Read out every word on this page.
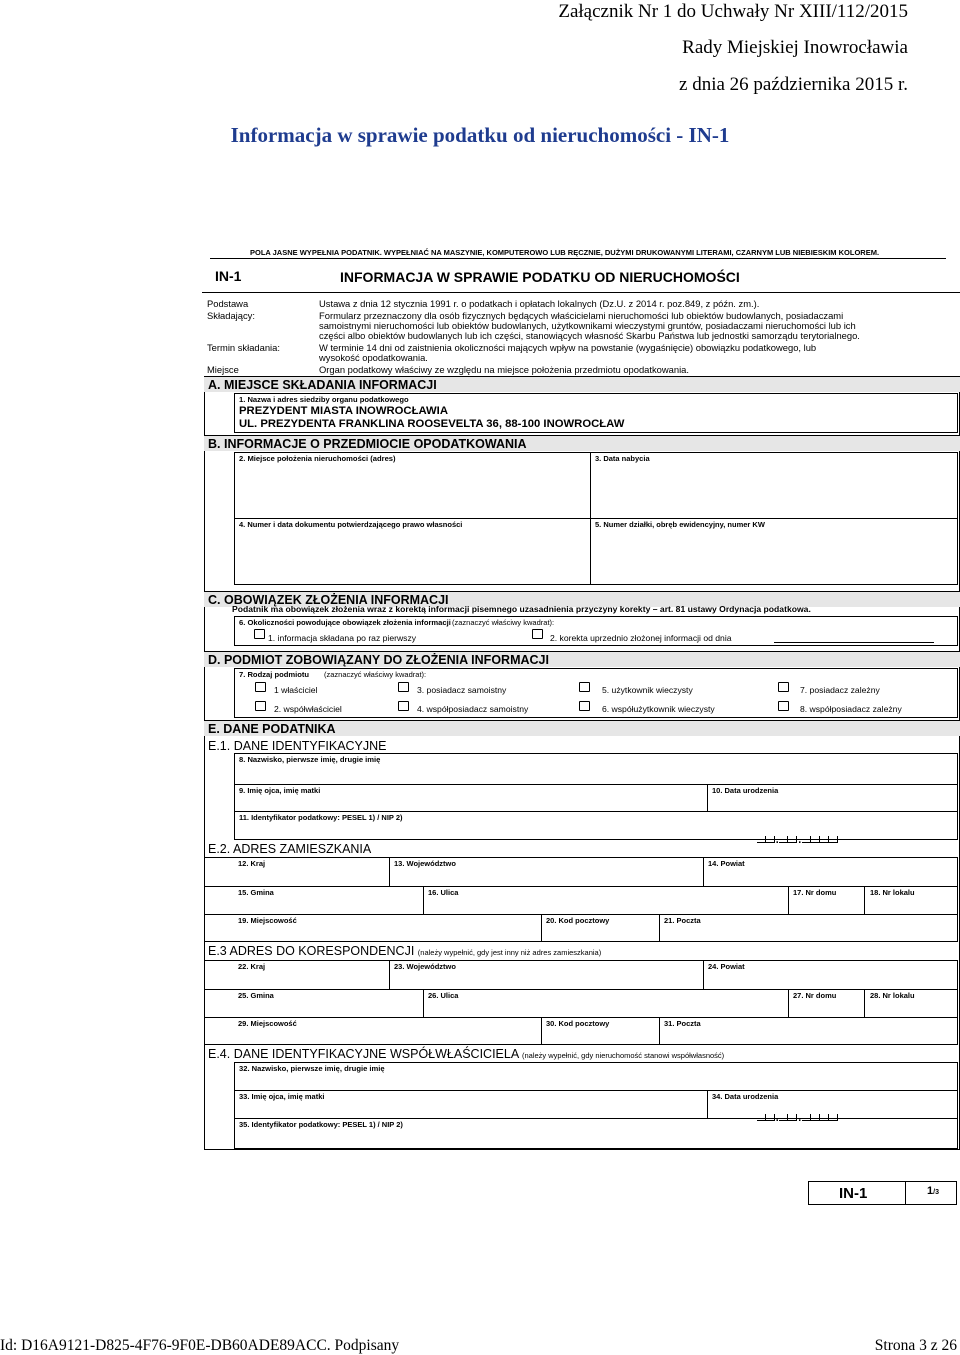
Załącznik Nr 1 do Uchwały Nr XIII/112/2015
Rady Miejskiej Inowrocławia
z dnia 26 października 2015 r.
Informacja w sprawie podatku od nieruchomości - IN-1
POLA JASNE WYPEŁNIA PODATNIK. WYPEŁNIAĆ NA MASZYNIE, KOMPUTEROWO LUB RĘCZNIE, DUŻYMI DRUKOWANYMI LITERAMI, CZARNYM LUB NIEBIESKIM KOLOREM.
IN-1	INFORMACJA W SPRAWIE PODATKU OD NIERUCHOMOŚCI
Podstawa	Ustawa z dnia 12 stycznia 1991 r. o podatkach i opłatach lokalnych (Dz.U. z 2014 r. poz.849, z późn. zm.).
Składający:	Formularz przeznaczony dla osób fizycznych będących właścicielami nieruchomości lub obiektów budowlanych, posiadaczami
samoistnymi nieruchomości lub obiektów budowlanych, użytkownikami wieczystymi gruntów, posiadaczami nieruchomości lub ich
części albo obiektów budowlanych lub ich części, stanowiących własność Skarbu Państwa lub jednostki samorządu terytorialnego.
Termin składania:	W terminie 14 dni od zaistnienia okoliczności mających wpływ na powstanie (wygaśnięcie) obowiązku podatkowego, lub
wysokość opodatkowania.
Miejsce	Organ podatkowy właściwy ze względu na miejsce położenia przedmiotu opodatkowania.
A. MIEJSCE SKŁADANIA INFORMACJI
1. Nazwa i adres siedziby organu podatkowego
PREZYDENT MIASTA INOWROCŁAWIA
UL. PREZYDENTA FRANKLINA ROOSEVELTA 36, 88-100 INOWROCŁAW
B. INFORMACJE O PRZEDMIOCIE OPODATKOWANIA
2. Miejsce położenia nieruchomości (adres)	3. Data nabycia
4. Numer i data dokumentu potwierdzającego prawo własności	5. Numer działki, obręb ewidencyjny, numer KW
C. OBOWIĄZEK ZŁOŻENIA INFORMACJI
Podatnik ma obowiązek złożenia wraz z korektą informacji pisemnego uzasadnienia przyczyny korekty – art. 81 ustawy Ordynacja podatkowa.
6. Okoliczności powodujące obowiązek złożenia informacji (zaznaczyć właściwy kwadrat):
1. informacja składana po raz pierwszy	2. korekta uprzednio złożonej informacji od dnia
D. PODMIOT ZOBOWIĄZANY DO ZŁOŻENIA INFORMACJI
7. Rodzaj podmiotu (zaznaczyć właściwy kwadrat):
1 właściciel	3. posiadacz samoistny	5. użytkownik wieczysty	7. posiadacz zależny
2. współwłaściciel	4. współposiadacz samoistny	6. współużytkownik wieczysty	8. współposiadacz zależny
E. DANE PODATNIKA
E.1. DANE IDENTYFIKACYJNE
8. Nazwisko, pierwsze imię, drugie imię
9. Imię ojca, imię matki	10. Data urodzenia
. .
11. Identyfikator podatkowy: PESEL 1) / NIP 2)
E.2. ADRES ZAMIESZKANIA
12. Kraj	13. Województwo	14. Powiat
15. Gmina	16. Ulica	17. Nr domu	18. Nr lokalu
19. Miejscowość	20. Kod pocztowy	21. Poczta
E.3 ADRES DO KORESPONDENCJI (należy wypełnić, gdy jest inny niż adres zamieszkania)
22. Kraj	23. Województwo	24. Powiat
25. Gmina	26. Ulica	27. Nr domu	28. Nr lokalu
29. Miejscowość	30. Kod pocztowy	31. Poczta
E.4. DANE IDENTYFIKACYJNE WSPÓŁWŁAŚCICIELA (należy wypełnić, gdy nieruchomość stanowi współwłasność)
32. Nazwisko, pierwsze imię, drugie imię
33. Imię ojca, imię matki	34. Data urodzenia
. .
35. Identyfikator podatkowy: PESEL 1) / NIP 2)
IN-1	1/3
Id: D16A9121-D825-4F76-9F0E-DB60ADE89ACC. Podpisany	Strona 3 z 26
